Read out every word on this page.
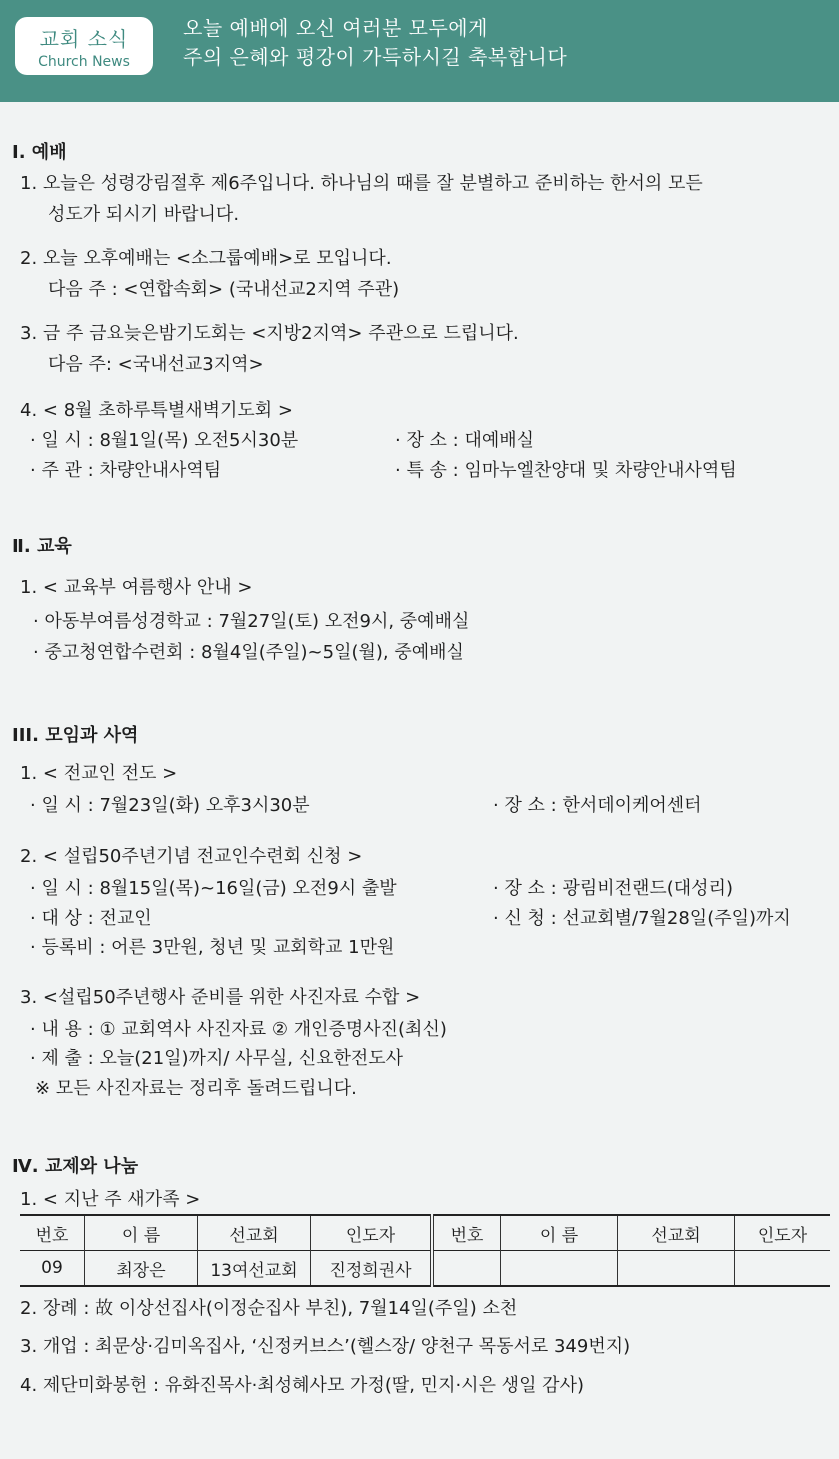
교회 소식
Church News
오늘 예배에 오신 여러분 모두에게
주의 은혜와 평강이 가득하시길 축복합니다
Ⅰ. 예배
1. 오늘은 성령강림절후 제6주입니다. 하나님의 때를 잘 분별하고 준비하는 한서의 모든
성도가 되시기 바랍니다.
2. 오늘 오후예배는 <소그룹예배>로 모입니다.
다음 주 : <연합속회> (국내선교2지역 주관)
3. 금 주 금요늦은밤기도회는 <지방2지역> 주관으로 드립니다.
다음 주: <국내선교3지역>
4. < 8월 초하루특별새벽기도회 >
· 일 시 : 8월1일(목) 오전5시30분	· 장 소 : 대예배실
· 주 관 : 차량안내사역팀	· 특 송 : 임마누엘찬양대 및 차량안내사역팀
Ⅱ. 교육
1. < 교육부 여름행사 안내 >
· 아동부여름성경학교 : 7월27일(토) 오전9시, 중예배실
· 중고청연합수련회 : 8월4일(주일)~5일(월), 중예배실
III. 모임과 사역
1. < 전교인 전도 >
· 일 시 : 7월23일(화) 오후3시30분	· 장 소 : 한서데이케어센터
2. < 설립50주년기념 전교인수련회 신청 >
· 일 시 : 8월15일(목)~16일(금) 오전9시 출발	· 장 소 : 광림비전랜드(대성리)
· 대 상 : 전교인	· 신 청 : 선교회별/7월28일(주일)까지
· 등록비 : 어른 3만원, 청년 및 교회학교 1만원
3. <설립50주년행사 준비를 위한 사진자료 수합 >
· 내 용 : ① 교회역사 사진자료 ② 개인증명사진(최신)
· 제 출 : 오늘(21일)까지/ 사무실, 신요한전도사
※ 모든 사진자료는 정리후 돌려드립니다.
Ⅳ. 교제와 나눔
1. < 지난 주 새가족 >
번호	이 름	선교회	인도자	번호	이 름	선교회	인도자
09	최장은	13여선교회	진정희권사				
2. 장례 : 故 이상선집사(이정순집사 부친), 7월14일(주일) 소천
3. 개업 : 최문상·김미옥집사, ‘신정커브스’(헬스장/ 양천구 목동서로 349번지)
4. 제단미화봉헌 : 유화진목사·최성혜사모 가정(딸, 민지·시은 생일 감사)
